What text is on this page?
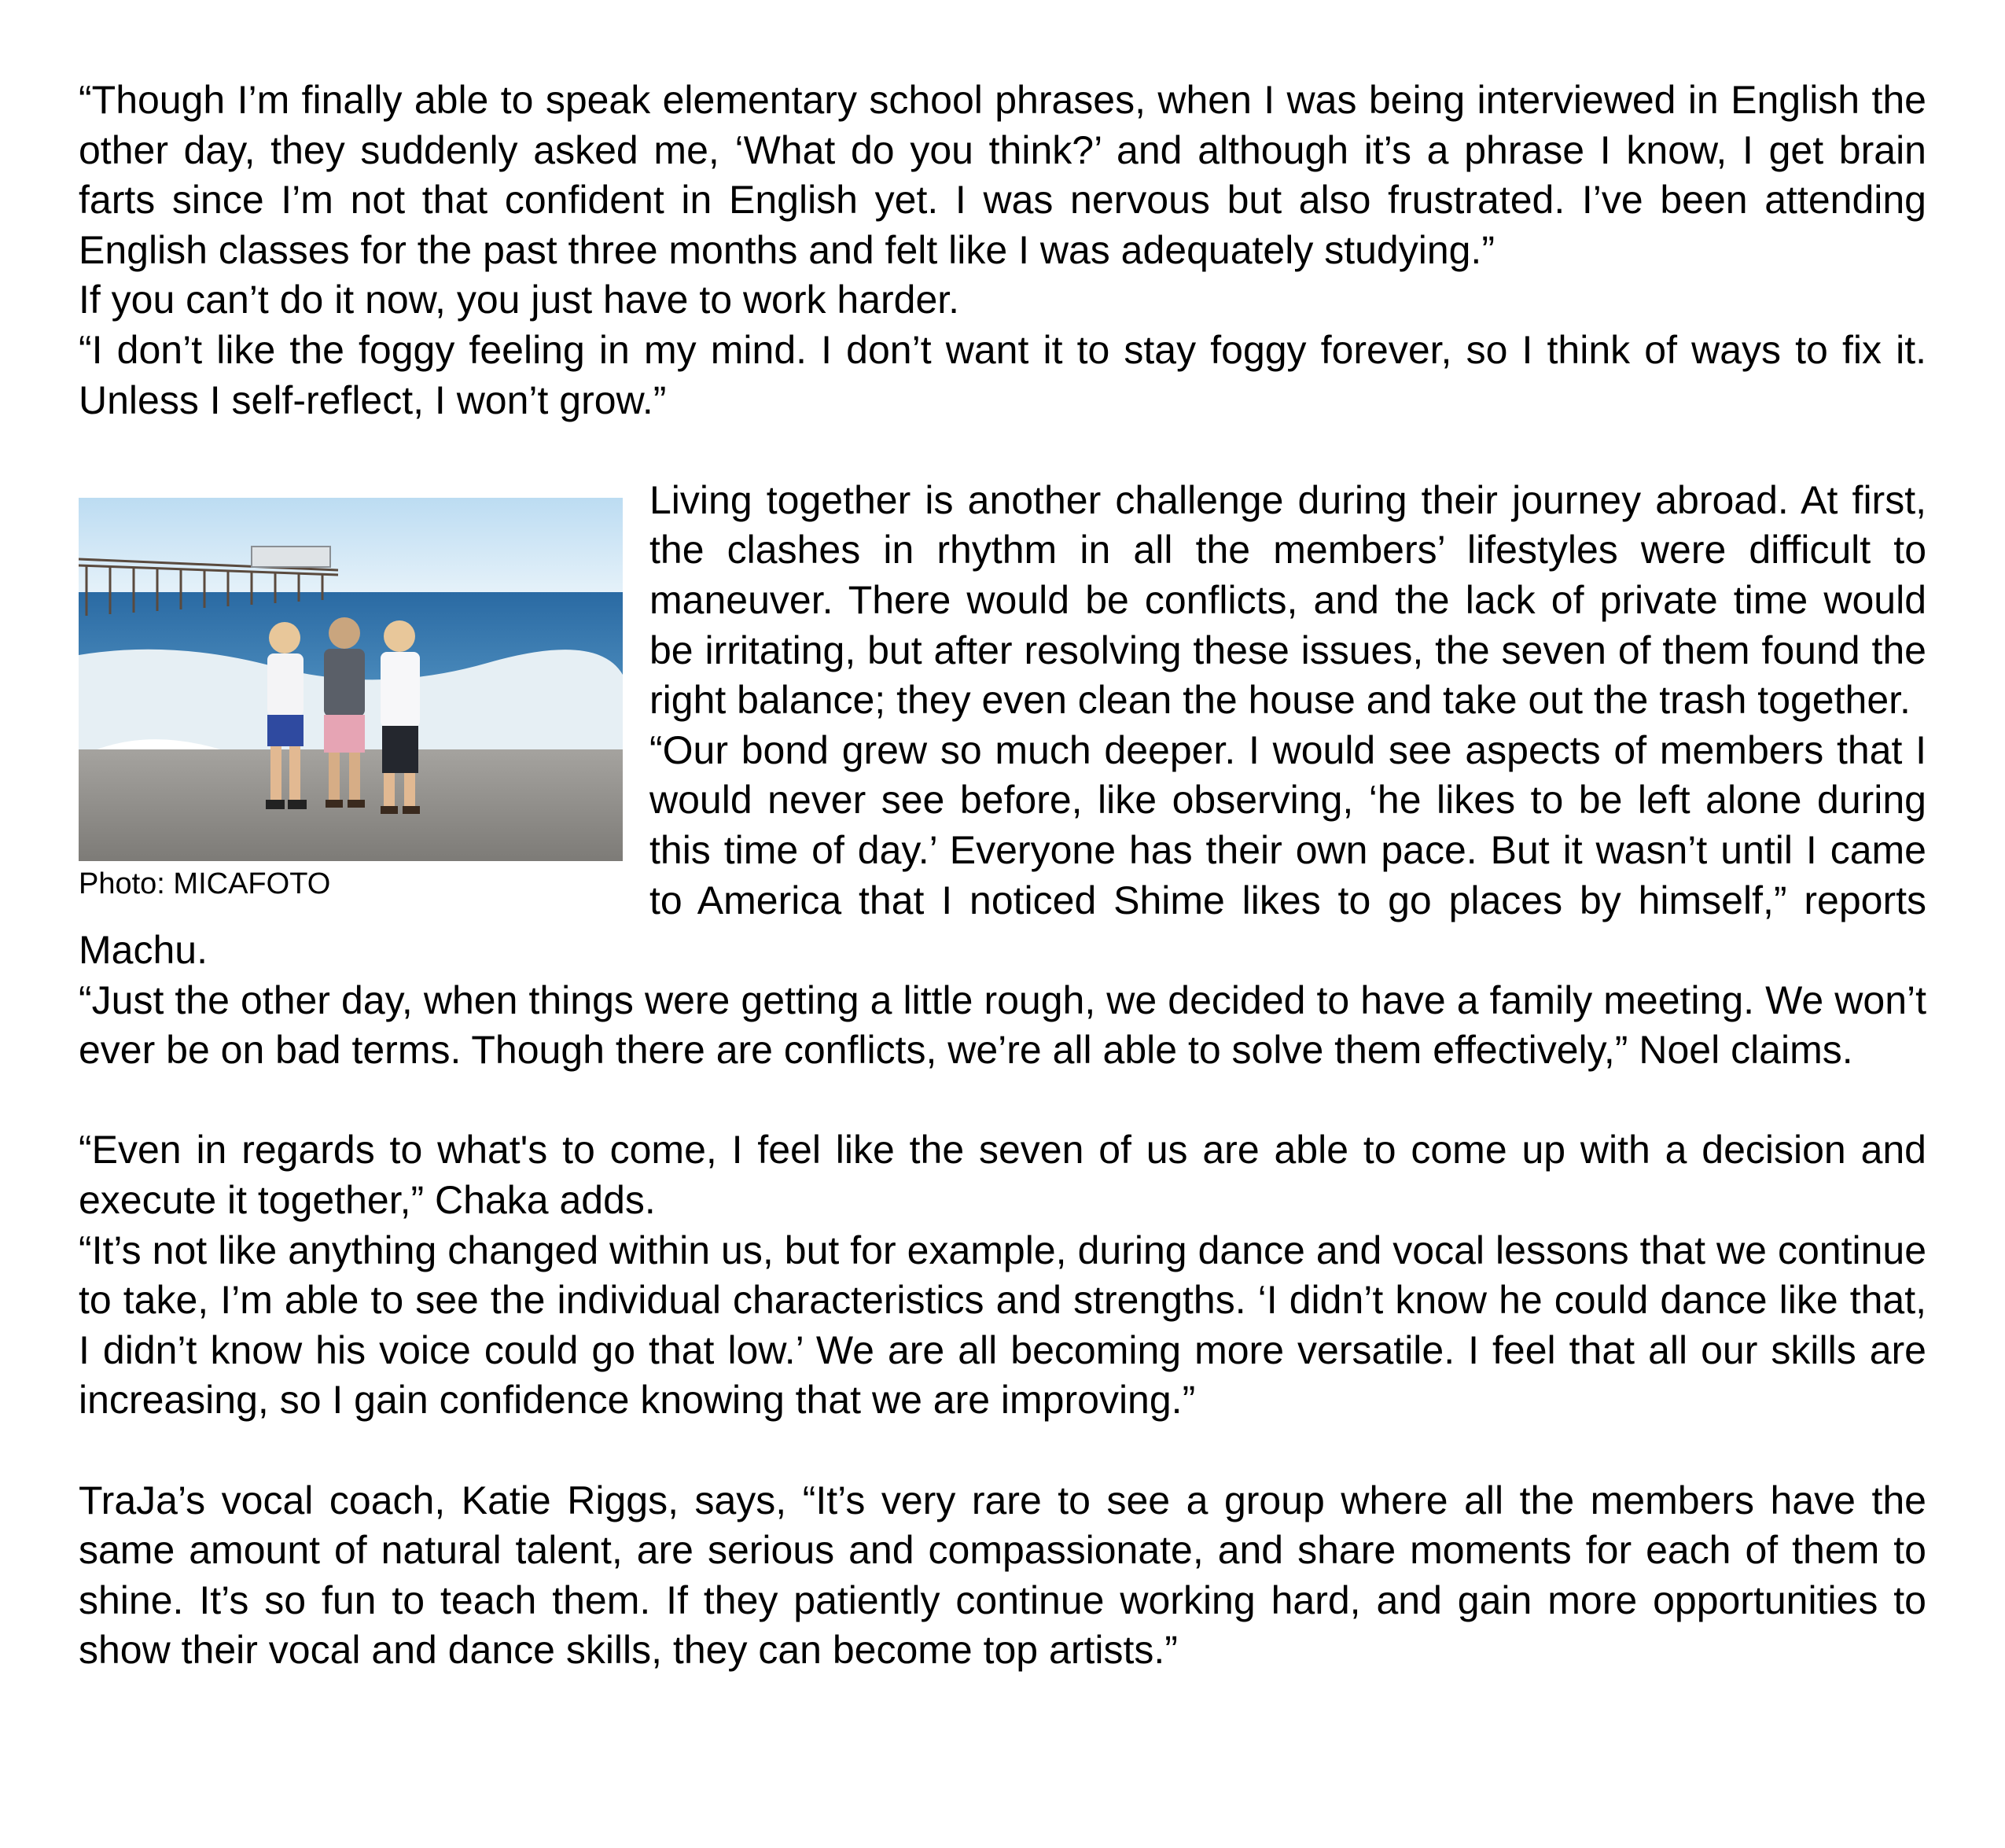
“Though I’m finally able to speak elementary school phrases, when I was being interviewed in English the other day, they suddenly asked me, ‘What do you think?’ and although it’s a phrase I know, I get brain farts since I’m not that confident in English yet. I was nervous but also frustrated. I’ve been attending English classes for the past three months and felt like I was adequately studying.”

If you can’t do it now, you just have to work harder.

“I don’t like the foggy feeling in my mind. I don’t want it to stay foggy forever, so I think of ways to fix it. Unless I self-reflect, I won’t grow.”

Photo: MICAFOTO

Living together is another challenge during their journey abroad. At first, the clashes in rhythm in all the members’ lifestyles were difficult to maneuver. There would be conflicts, and the lack of private time would be irritating, but after resolving these issues, the seven of them found the right balance; they even clean the house and take out the trash together.

“Our bond grew so much deeper. I would see aspects of members that I would never see before, like observing, ‘he likes to be left alone during this time of day.’ Everyone has their own pace. But it wasn’t until I came to America that I noticed Shime likes to go places by himself,” reports Machu.

“Just the other day, when things were getting a little rough, we decided to have a family meeting. We won’t ever be on bad terms. Though there are conflicts, we’re all able to solve them effectively,” Noel claims.

“Even in regards to what's to come, I feel like the seven of us are able to come up with a decision and execute it together,” Chaka adds.

“It’s not like anything changed within us, but for example, during dance and vocal lessons that we continue to take, I’m able to see the individual characteristics and strengths. ‘I didn’t know he could dance like that, I didn’t know his voice could go that low.’ We are all becoming more versatile. I feel that all our skills are increasing, so I gain confidence knowing that we are improving.”

TraJa’s vocal coach, Katie Riggs, says, “It’s very rare to see a group where all the members have the same amount of natural talent, are serious and compassionate, and share moments for each of them to shine. It’s so fun to teach them. If they patiently continue working hard, and gain more opportunities to show their vocal and dance skills, they can become top artists.”
